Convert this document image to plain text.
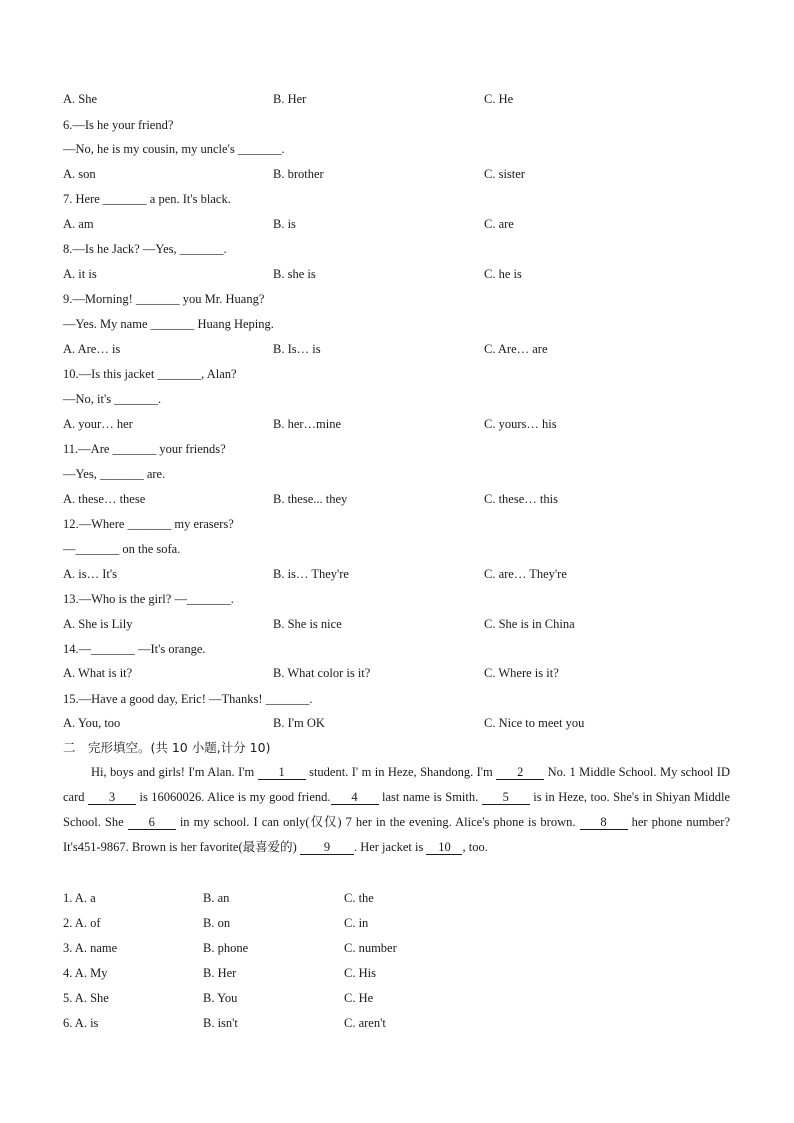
A. She	B. Her	C. He
6.—Is he your friend?
—No, he is my cousin, my uncle's _______.
A. son	B. brother	C. sister
7. Here _______ a pen. It's black.
A. am	B. is	C. are
8.—Is he Jack? —Yes, _______.
A. it is	B. she is	C. he is
9.—Morning! _______ you Mr. Huang?
—Yes. My name _______ Huang Heping.
A. Are… is	B. Is… is	C. Are… are
10.—Is this jacket _______, Alan?
—No, it's _______.
A. your… her	B. her…mine	C. yours… his
11.—Are _______ your friends?
—Yes, _______ are.
A. these… these	B. these... they	C. these… this
12.—Where _______ my erasers?
—_______ on the sofa.
A. is… It's	B. is… They're	C. are… They're
13.—Who is the girl? —_______.
A. She is Lily	B. She is nice	C. She is in China
14.—_______ —It's orange.
A. What is it?	B. What color is it?	C. Where is it?
15.—Have a good day, Eric! —Thanks! _______.
A. You, too	B. I'm OK	C. Nice to meet you
二　完形填空。(共 10 小题,计分 10)
Hi, boys and girls! I'm Alan. I'm 1 student. I' m in Heze, Shandong. I'm 2 No. 1 Middle School. My school ID card 3 is 16060026. Alice is my good friend. 4 last name is Smith. 5 is in Heze, too. She's in Shiyan Middle School. She 6 in my school. I can only(仅仅) 7 her in the evening. Alice's phone is brown. 8 her phone number? It's451-9867. Brown is her favorite(最喜爱的) 9 . Her jacket is 10 , too.
1. A. a	B. an	C. the
2. A. of	B. on	C. in
3. A. name	B. phone	C. number
4. A. My	B. Her	C. His
5. A. She	B. You	C. He
6. A. is	B. isn't	C. aren't
